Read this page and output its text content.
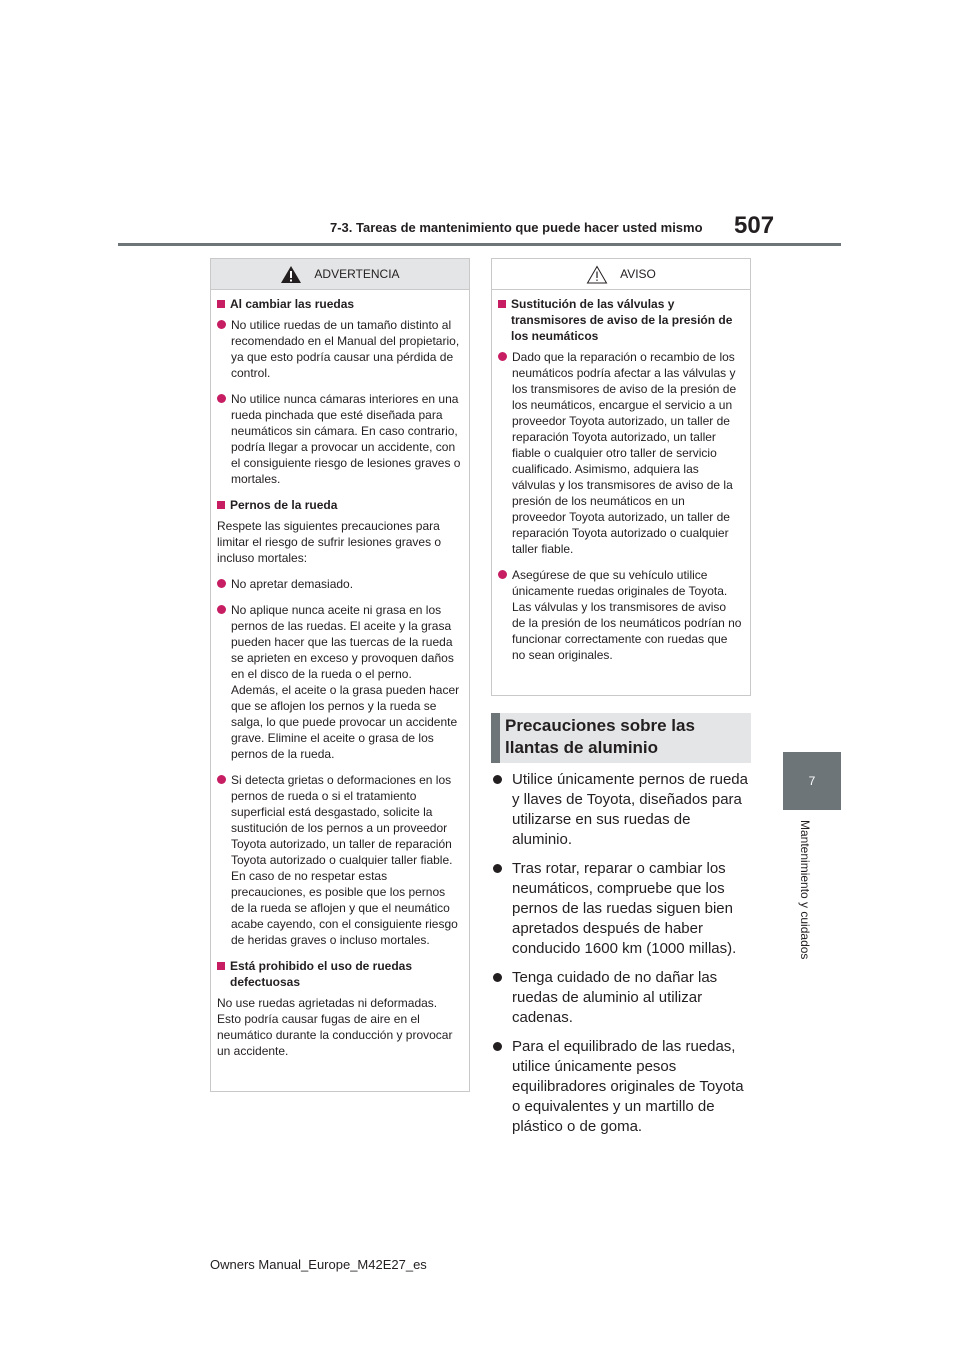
7-3. Tareas de mantenimiento que puede hacer usted mismo 507
7
Mantenimiento y cuidados
ADVERTENCIA
Al cambiar las ruedas
No utilice ruedas de un tamaño distinto al recomendado en el Manual del propietario, ya que esto podría causar una pérdida de control.
No utilice nunca cámaras interiores en una rueda pinchada que esté diseñada para neumáticos sin cámara. En caso contrario, podría llegar a provocar un accidente, con el consiguiente riesgo de lesiones graves o mortales.
Pernos de la rueda
Respete las siguientes precauciones para limitar el riesgo de sufrir lesiones graves o incluso mortales:
No apretar demasiado.
No aplique nunca aceite ni grasa en los pernos de las ruedas. El aceite y la grasa pueden hacer que las tuercas de la rueda se aprieten en exceso y provoquen daños en el disco de la rueda o el perno. Además, el aceite o la grasa pueden hacer que se aflojen los pernos y la rueda se salga, lo que puede provocar un accidente grave. Elimine el aceite o grasa de los pernos de la rueda.
Si detecta grietas o deformaciones en los pernos de rueda o si el tratamiento superficial está desgastado, solicite la sustitución de los pernos a un proveedor Toyota autorizado, un taller de reparación Toyota autorizado o cualquier taller fiable. En caso de no respetar estas precauciones, es posible que los pernos de la rueda se aflojen y que el neumático acabe cayendo, con el consiguiente riesgo de heridas graves o incluso mortales.
Está prohibido el uso de ruedas defectuosas
No use ruedas agrietadas ni deformadas. Esto podría causar fugas de aire en el neumático durante la conducción y provocar un accidente.
AVISO
Sustitución de las válvulas y transmisores de aviso de la presión de los neumáticos
Dado que la reparación o recambio de los neumáticos podría afectar a las válvulas y los transmisores de aviso de la presión de los neumáticos, encargue el servicio a un proveedor Toyota autorizado, un taller de reparación Toyota autorizado, un taller fiable o cualquier otro taller de servicio cualificado. Asimismo, adquiera las válvulas y los transmisores de aviso de la presión de los neumáticos en un proveedor Toyota autorizado, un taller de reparación Toyota autorizado o cualquier taller fiable.
Asegúrese de que su vehículo utilice únicamente ruedas originales de Toyota.
Las válvulas y los transmisores de aviso de la presión de los neumáticos podrían no funcionar correctamente con ruedas que no sean originales.
Precauciones sobre las llantas de aluminio
Utilice únicamente pernos de rueda y llaves de Toyota, diseñados para utilizarse en sus ruedas de aluminio.
Tras rotar, reparar o cambiar los neumáticos, compruebe que los pernos de las ruedas siguen bien apretados después de haber conducido 1600 km (1000 millas).
Tenga cuidado de no dañar las ruedas de aluminio al utilizar cadenas.
Para el equilibrado de las ruedas, utilice únicamente pesos equilibradores originales de Toyota o equivalentes y un martillo de plástico o de goma.
Owners Manual_Europe_M42E27_es
